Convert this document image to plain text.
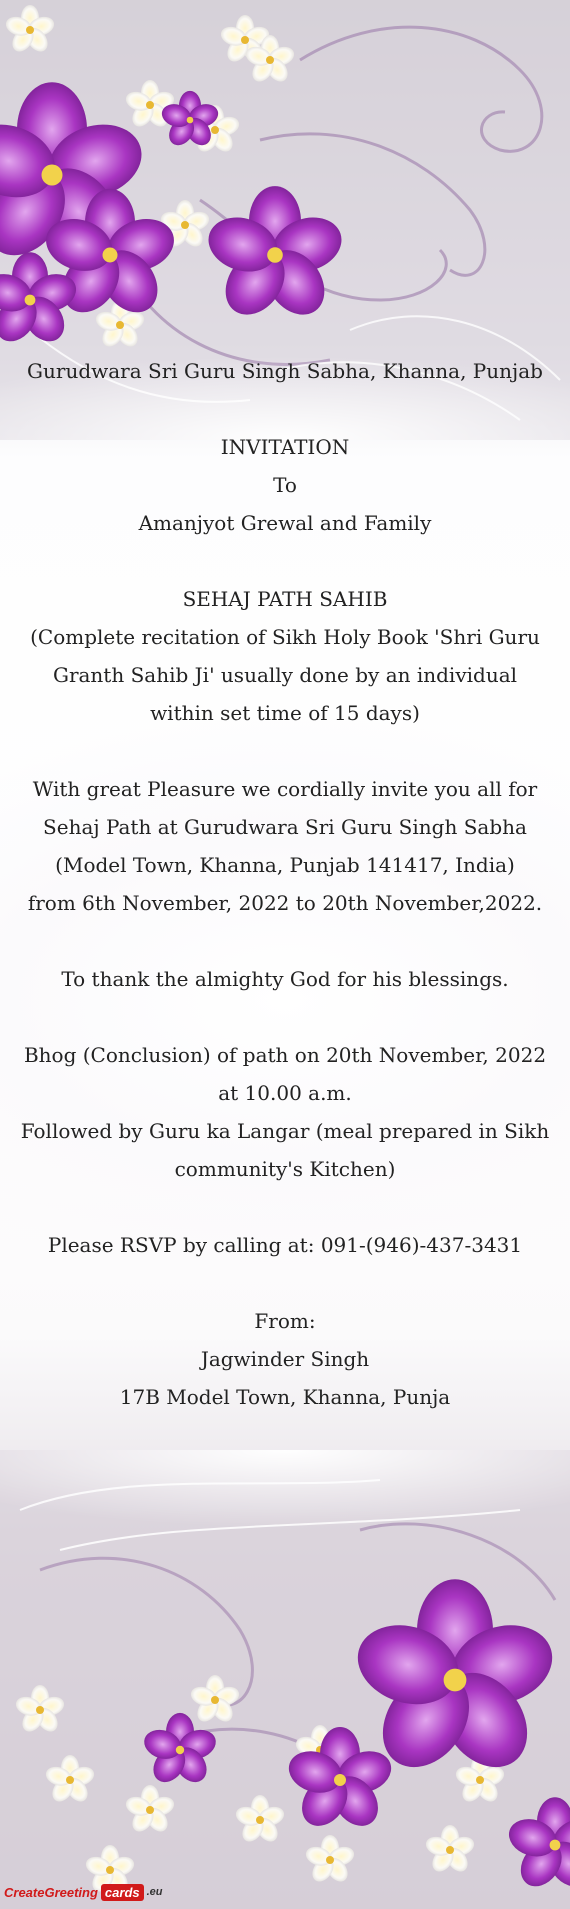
Gurudwara Sri Guru Singh Sabha, Khanna, Punjab
INVITATION
To
Amanjyot Grewal and Family
SEHAJ PATH SAHIB
(Complete recitation of Sikh Holy Book 'Shri Guru
Granth Sahib Ji' usually done by an individual
within set time of 15 days)
With great Pleasure we cordially invite you all for
Sehaj Path at Gurudwara Sri Guru Singh Sabha
(Model Town, Khanna, Punjab 141417, India)
from 6th November, 2022 to 20th November,2022.
To thank the almighty God for his blessings.
Bhog (Conclusion) of path on 20th November, 2022
at 10.00 a.m.
Followed by Guru ka Langar (meal prepared in Sikh
community's Kitchen)
Please RSVP by calling at: 091-(946)-437-3431
From:
Jagwinder Singh
17B Model Town, Khanna, Punja
CreateGreeting cards .eu
